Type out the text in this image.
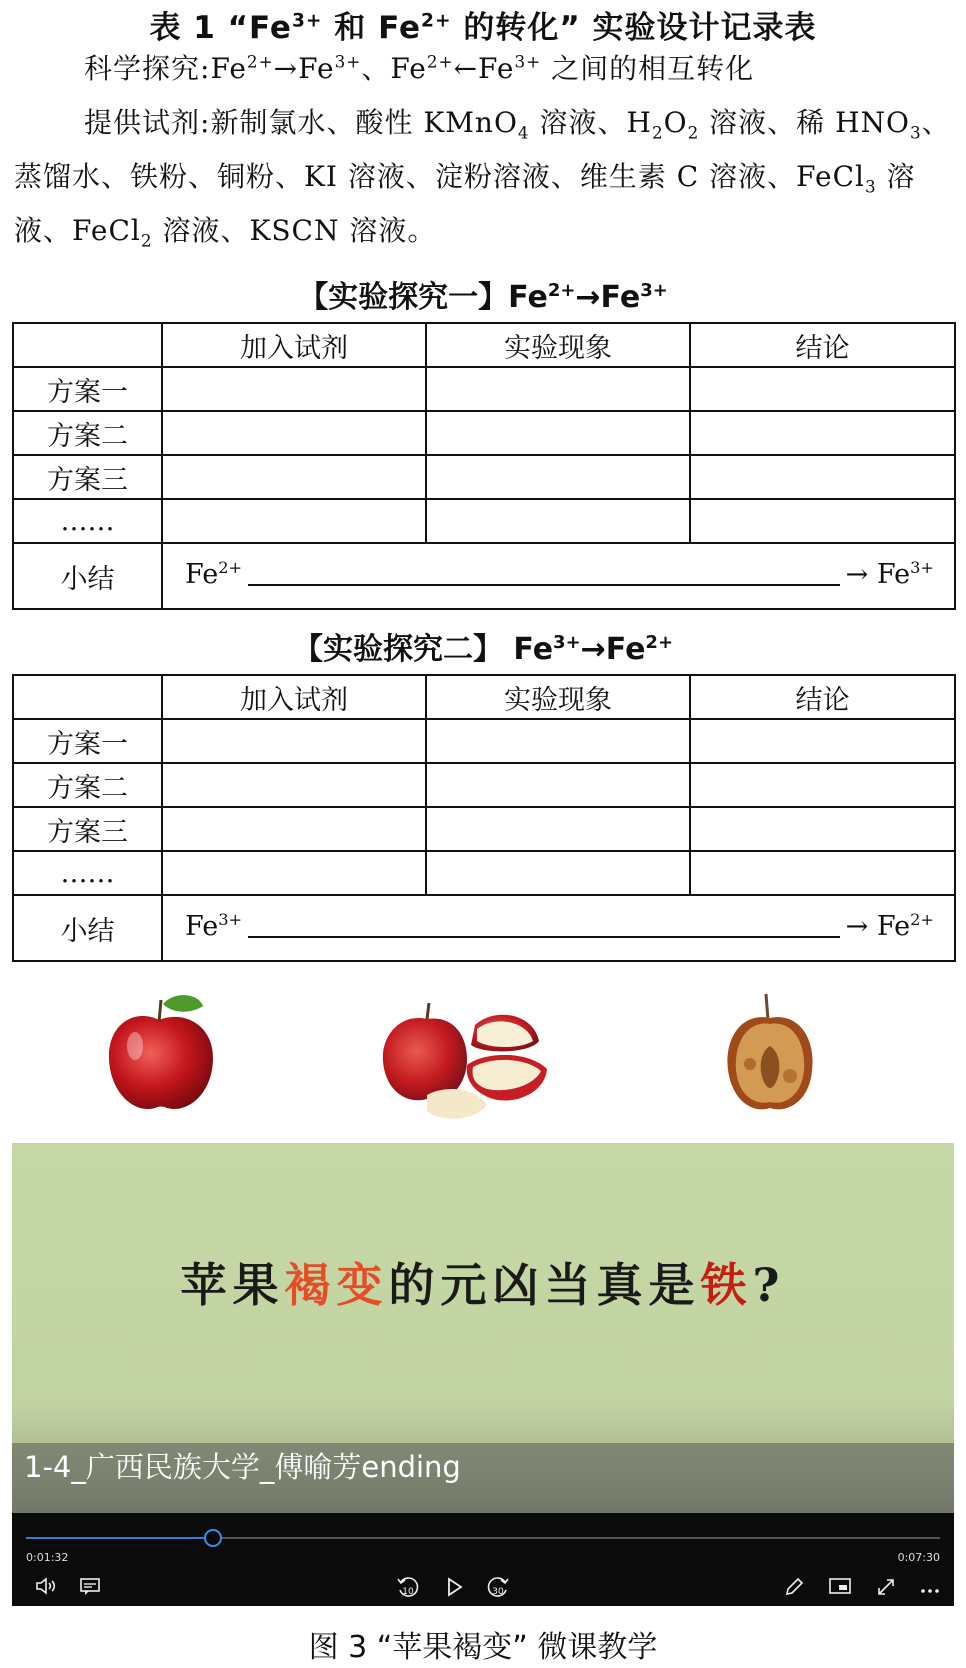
表 1 “$Fe^{3+}$ 和 $Fe^{2+}$ 的转化” 实验设计记录表
科学探究$:Fe^{2+}\to Fe^{3+}$、$Fe^{2+}\leftarrow Fe^{3+}$ 之间的相互转化
提供试剂:新制氯水、酸性 KMnO$_4$ 溶液、$H_2O_2$ 溶液、稀 $HNO_3$、蒸馏水、铁粉、铜粉、KI 溶液、淀粉溶液、维生素 C 溶液、FeCl$_3$ 溶液、FeCl$_2$ 溶液、KSCN 溶液。
【实验探究一】$Fe^{2+}\to Fe^{3+}$
	加入试剂	实验现象	结论
方案一			
方案二			
方案三			
……			
小结	$Fe^{2+} \to Fe^{3+}$
【实验探究二】 $Fe^{3+}\to Fe^{2+}$
	加入试剂	实验现象	结论
方案一			
方案二			
方案三			
……			
小结	$Fe^{3+} \to Fe^{2+}$
苹果褐变的元凶当真是铁?
1-4_广西民族大学_傅喻芳ending
0:01:32	0:07:30
10	30
图 3 “苹果褐变” 微课教学
